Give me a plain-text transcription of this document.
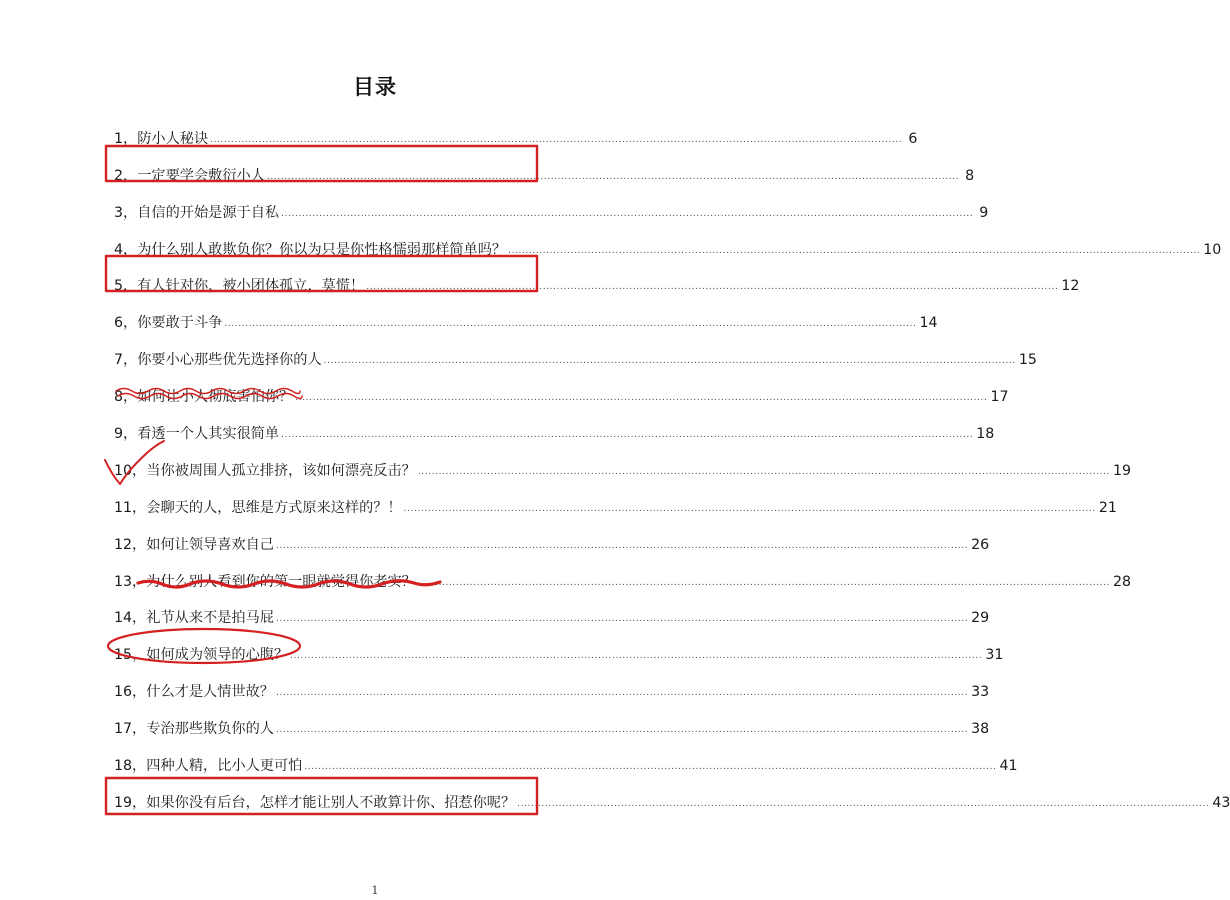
目录
1，防小人秘诀 ........................................................................................................................................................................................................ 6
2，一定要学会敷衍小人 ........................................................................................................................................................................................................ 8
3，自信的开始是源于自私 ........................................................................................................................................................................................................ 9
4，为什么别人敢欺负你？你以为只是你性格懦弱那样简单吗？ ........................................................................................................................................................................................................ 10
5，有人针对你，被小团体孤立，莫慌！ ........................................................................................................................................................................................................ 12
6，你要敢于斗争 ........................................................................................................................................................................................................ 14
7，你要小心那些优先选择你的人 ........................................................................................................................................................................................................ 15
8，如何让小人彻底害怕你？ ........................................................................................................................................................................................................ 17
9，看透一个人其实很简单 ........................................................................................................................................................................................................ 18
10，当你被周围人孤立排挤，该如何漂亮反击？ ........................................................................................................................................................................................................ 19
11，会聊天的人，思维是方式原来这样的？！ ........................................................................................................................................................................................................ 21
12，如何让领导喜欢自己 ........................................................................................................................................................................................................ 26
13，为什么别人看到你的第一眼就觉得你老实？ ........................................................................................................................................................................................................ 28
14，礼节从来不是拍马屁 ........................................................................................................................................................................................................ 29
15，如何成为领导的心腹？ ........................................................................................................................................................................................................ 31
16，什么才是人情世故？ ........................................................................................................................................................................................................ 33
17，专治那些欺负你的人 ........................................................................................................................................................................................................ 38
18，四种人精，比小人更可怕 ........................................................................................................................................................................................................ 41
19，如果你没有后台，怎样才能让别人不敢算计你、招惹你呢？ ........................................................................................................................................................................................................ 43
1
